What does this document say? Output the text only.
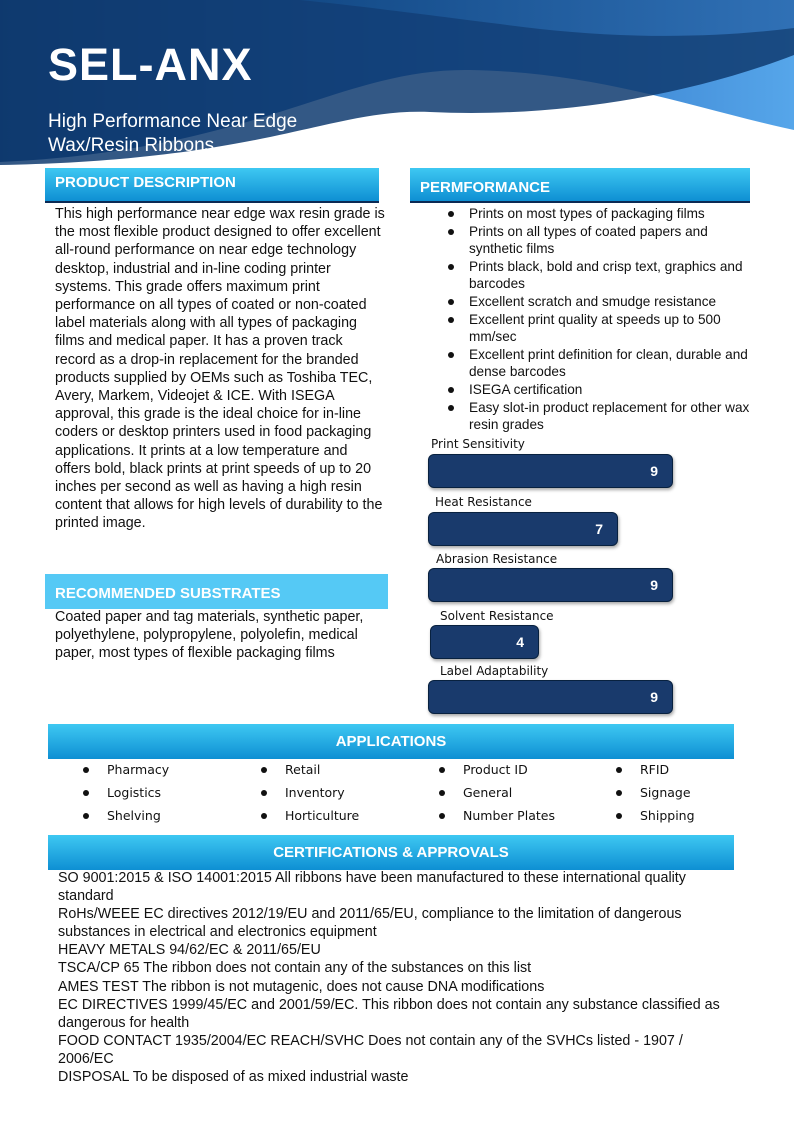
SEL-ANX
High Performance Near Edge
Wax/Resin Ribbons
PRODUCT DESCRIPTION
This high performance near edge wax resin grade is the most flexible product designed to offer excellent all-round performance on near edge technology desktop, industrial and in-line coding printer systems. This grade offers maximum print performance on all types of coated or non-coated label materials along with all types of packaging films and medical paper. It has a proven track record as a drop-in replacement for the branded products supplied by OEMs such as Toshiba TEC, Avery, Markem, Videojet & ICE. With ISEGA approval, this grade is the ideal choice for in-line coders or desktop printers used in food packaging applications. It prints at a low temperature and offers bold, black prints at print speeds of up to 20 inches per second as well as having a high resin content that allows for high levels of durability to the printed image.
RECOMMENDED SUBSTRATES
Coated paper and tag materials, synthetic paper, polyethylene, polypropylene, polyolefin, medical paper, most types of flexible packaging films
PERMFORMANCE
Prints on most types of packaging films
Prints on all types of coated papers and synthetic films
Prints black, bold and crisp text, graphics and barcodes
Excellent scratch and smudge resistance
Excellent print quality at speeds up to 500 mm/sec
Excellent print definition for clean, durable and dense barcodes
ISEGA certification
Easy slot-in product replacement for other wax resin grades
Print Sensitivity
9
Heat Resistance
7
Abrasion Resistance
9
Solvent Resistance
4
Label Adaptability
9
APPLICATIONS
Pharmacy
Logistics
Shelving
Retail
Inventory
Horticulture
Product ID
General
Number Plates
RFID
Signage
Shipping
CERTIFICATIONS & APPROVALS

SO 9001:2015 & ISO 14001:2015 All ribbons have been manufactured to these international quality standard

RoHs/WEEE EC directives 2012/19/EU and 2011/65/EU, compliance to the limitation of dangerous substances in electrical and electronics equipment

HEAVY METALS 94/62/EC & 2011/65/EU

TSCA/CP 65 The ribbon does not contain any of the substances on this list

AMES TEST The ribbon is not mutagenic, does not cause DNA modifications

EC DIRECTIVES 1999/45/EC and 2001/59/EC. This ribbon does not contain any substance classified as dangerous for health

FOOD CONTACT 1935/2004/EC REACH/SVHC Does not contain any of the SVHCs listed - 1907 / 2006/EC

DISPOSAL To be disposed of as mixed industrial waste
